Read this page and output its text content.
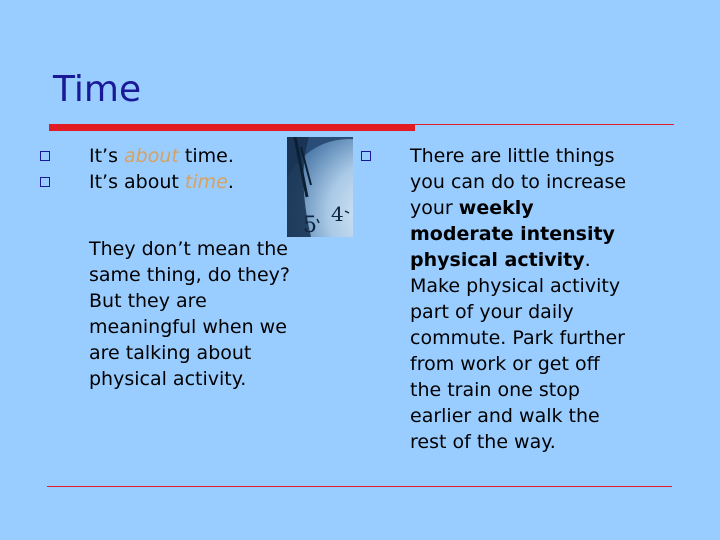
Time
It’s about time.
It’s about time.
They don’t mean the
same thing, do they?
But they are
meaningful when we
are talking about
physical activity.
5 4
There are little things
you can do to increase
your weekly
moderate intensity
physical activity.
Make physical activity
part of your daily
commute. Park further
from work or get off
the train one stop
earlier and walk the
rest of the way.
